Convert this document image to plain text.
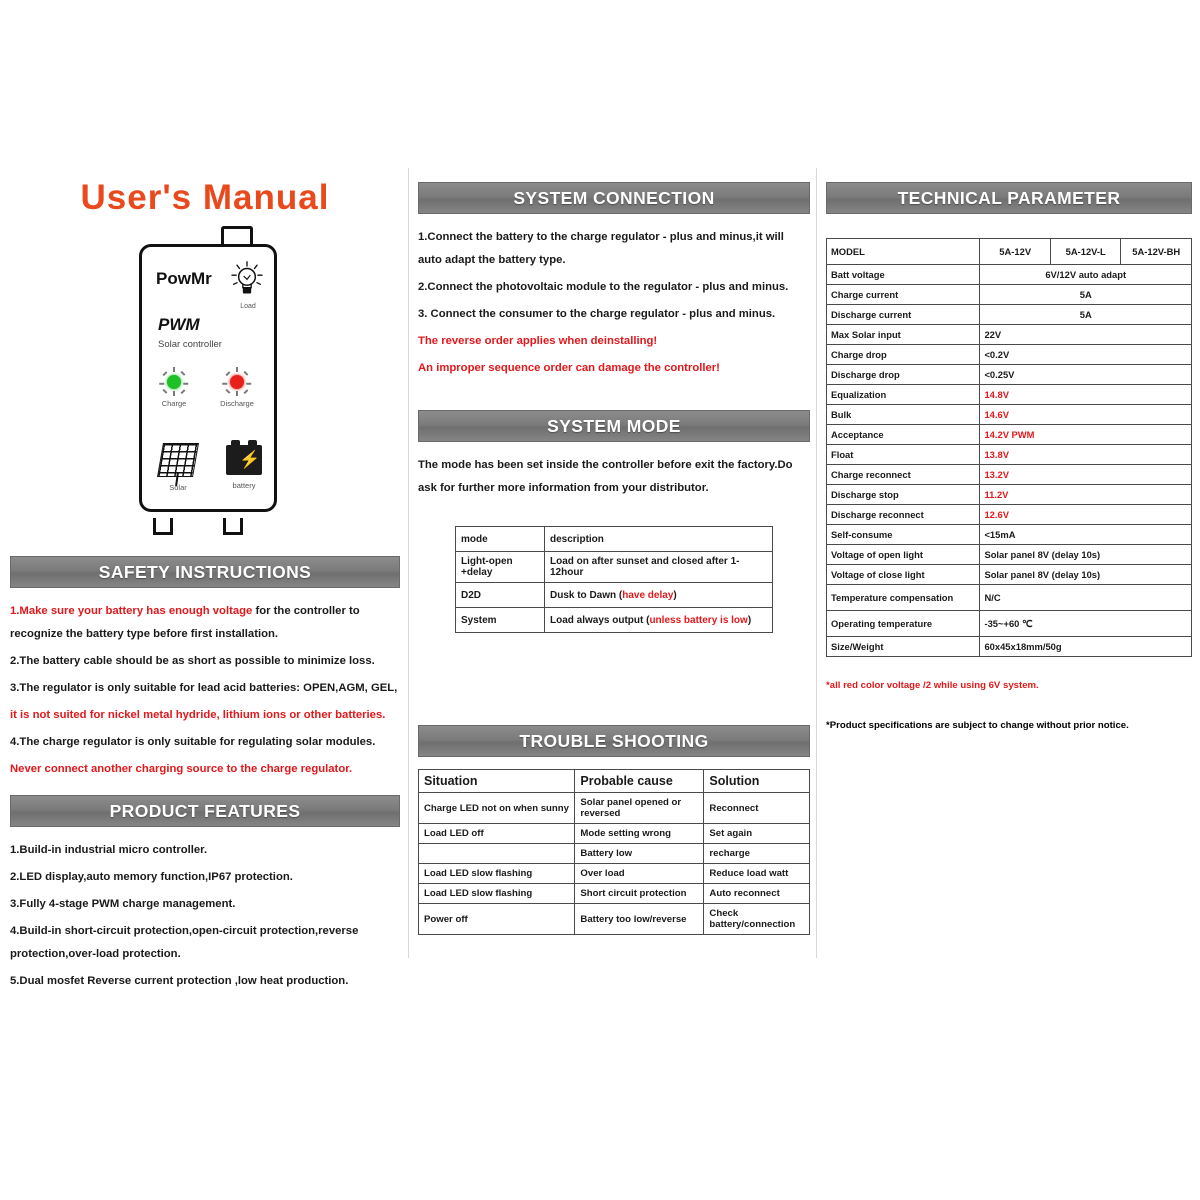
User's Manual
PowMr
PWM
Solar controller
Load
Charge	Discharge
Solar
⚡
battery
SAFETY INSTRUCTIONS

1.Make sure your battery has enough voltage for the controller to recognize the battery type before first installation.

2.The battery cable should be as short as possible to minimize loss.

3.The regulator is only suitable for lead acid batteries: OPEN,AGM, GEL,

it is not suited for nickel metal hydride, lithium ions or other batteries.

4.The charge regulator is only suitable for regulating solar modules.

Never connect another charging source to the charge regulator.

PRODUCT FEATURES

1.Build-in industrial micro controller.

2.LED display,auto memory function,IP67 protection.

3.Fully 4-stage PWM charge management.

4.Build-in short-circuit protection,open-circuit protection,reverse protection,over-load protection.

5.Dual mosfet Reverse current protection ,low heat production.

SYSTEM CONNECTION

1.Connect the battery to the charge regulator - plus and minus,it will auto adapt the battery type.

2.Connect the photovoltaic module to the regulator - plus and minus.

3. Connect the consumer to the charge regulator - plus and minus.

The reverse order applies when deinstalling!

An improper sequence order can damage the controller!

SYSTEM MODE

The mode has been set inside the controller before exit the factory.Do ask for further more information from your distributor.

mode	description
Light-open +delay	Load on after sunset and closed after 1-12hour
D2D	Dusk to Dawn (have delay)
System	Load always output (unless battery is low)
TROUBLE SHOOTING
Situation	Probable cause	Solution
Charge LED not on when sunny	Solar panel opened or reversed	Reconnect
Load LED off	Mode setting wrong	Set again
	Battery low	recharge
Load LED slow flashing	Over load	Reduce load watt
Load LED slow flashing	Short circuit protection	Auto reconnect
Power off	Battery too low/reverse	Check battery/connection
TECHNICAL PARAMETER
MODEL	5A-12V	5A-12V-L	5A-12V-BH
Batt voltage	6V/12V auto adapt		
Charge current	5A		
Discharge current	5A		
Max Solar input	22V		
Charge drop	<0.2V		
Discharge drop	<0.25V		
Equalization	14.8V		
Bulk	14.6V		
Acceptance	14.2V PWM		
Float	13.8V		
Charge reconnect	13.2V		
Discharge stop	11.2V		
Discharge reconnect	12.6V		
Self-consume	<15mA		
Voltage of open light	Solar panel 8V (delay 10s)		
Voltage of close light	Solar panel 8V (delay 10s)		
Temperature compensation	N/C		
Operating temperature	-35~+60 ℃		
Size/Weight	60x45x18mm/50g		
*all red color voltage /2 while using 6V system.
*Product specifications are subject to change without prior notice.
